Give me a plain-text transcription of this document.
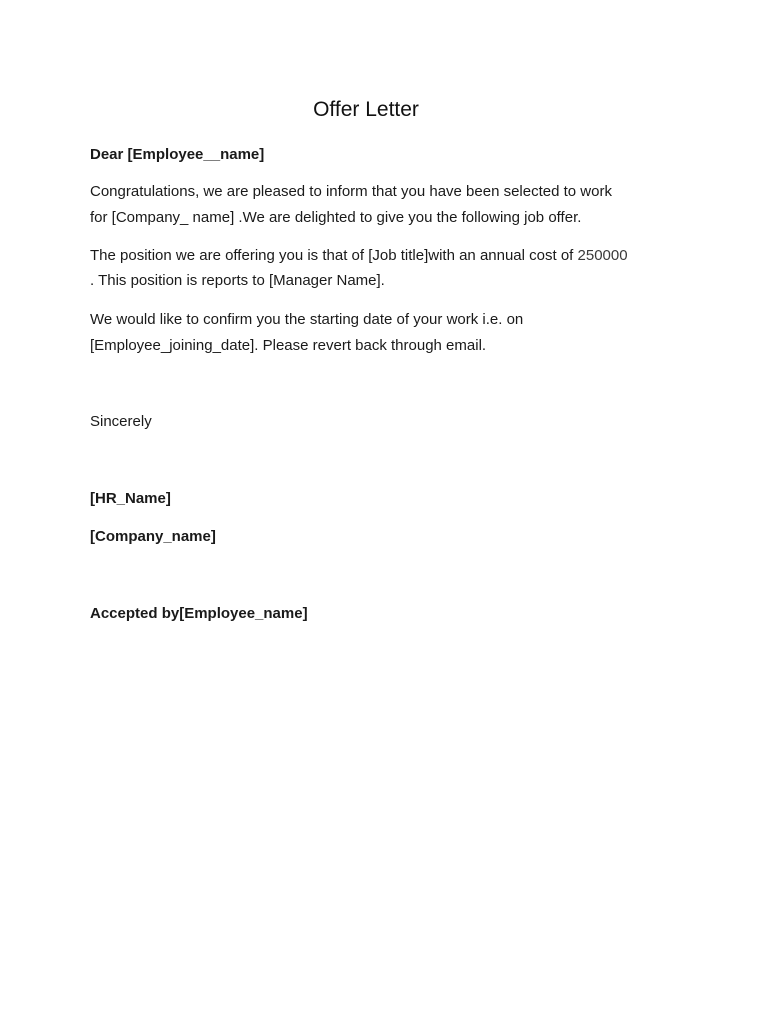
Offer Letter
Dear [Employee__name]
Congratulations, we are pleased to inform that you have been selected to work
for [Company_ name] .We are delighted to give you the following job offer.
The position we are offering you is that of [Job title]with an annual cost of 250000
. This position is reports to [Manager Name].
We would like to confirm you the starting date of your work i.e. on
[Employee_joining_date]. Please revert back through email.
Sincerely
[HR_Name]
[Company_name]
Accepted by[Employee_name]
